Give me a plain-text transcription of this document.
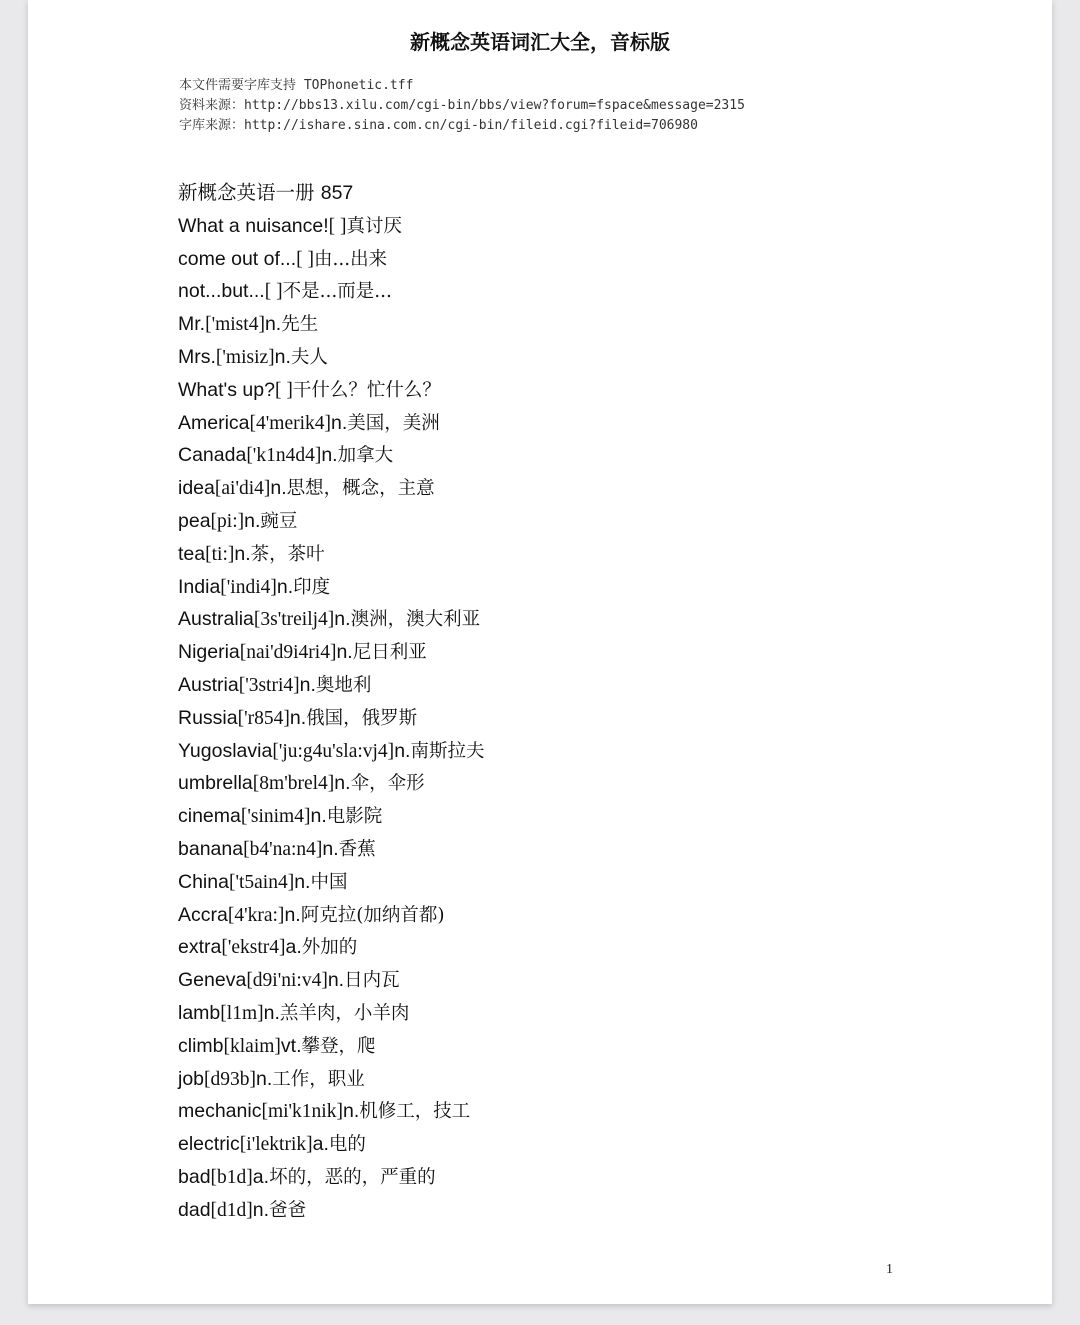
新概念英语词汇大全，音标版
本文件需要字库支持 TOPhonetic.tff
资料来源：http://bbs13.xilu.com/cgi-bin/bbs/view?forum=fspace&message=2315
字库来源：http://ishare.sina.com.cn/cgi-bin/fileid.cgi?fileid=706980
新概念英语一册 857
What a nuisance![ ]真讨厌
come out of...[ ]由...出来
not...but...[ ]不是...而是...
Mr.['mist4]n.先生
Mrs.['misiz]n.夫人
What's up?[ ]干什么？忙什么？
America[4'merik4]n.美国，美洲
Canada['k1n4d4]n.加拿大
idea[ai'di4]n.思想，概念，主意
pea[pi:]n.豌豆
tea[ti:]n.茶，茶叶
India['indi4]n.印度
Australia[3s'treilj4]n.澳洲，澳大利亚
Nigeria[nai'd9i4ri4]n.尼日利亚
Austria['3stri4]n.奥地利
Russia['r854]n.俄国，俄罗斯
Yugoslavia['ju:g4u'sla:vj4]n.南斯拉夫
umbrella[8m'brel4]n.伞，伞形
cinema['sinim4]n.电影院
banana[b4'na:n4]n.香蕉
China['t5ain4]n.中国
Accra[4'kra:]n.阿克拉(加纳首都)
extra['ekstr4]a.外加的
Geneva[d9i'ni:v4]n.日内瓦
lamb[l1m]n.羔羊肉，小羊肉
climb[klaim]vt.攀登，爬
job[d93b]n.工作，职业
mechanic[mi'k1nik]n.机修工，技工
electric[i'lektrik]a.电的
bad[b1d]a.坏的，恶的，严重的
dad[d1d]n.爸爸
1
